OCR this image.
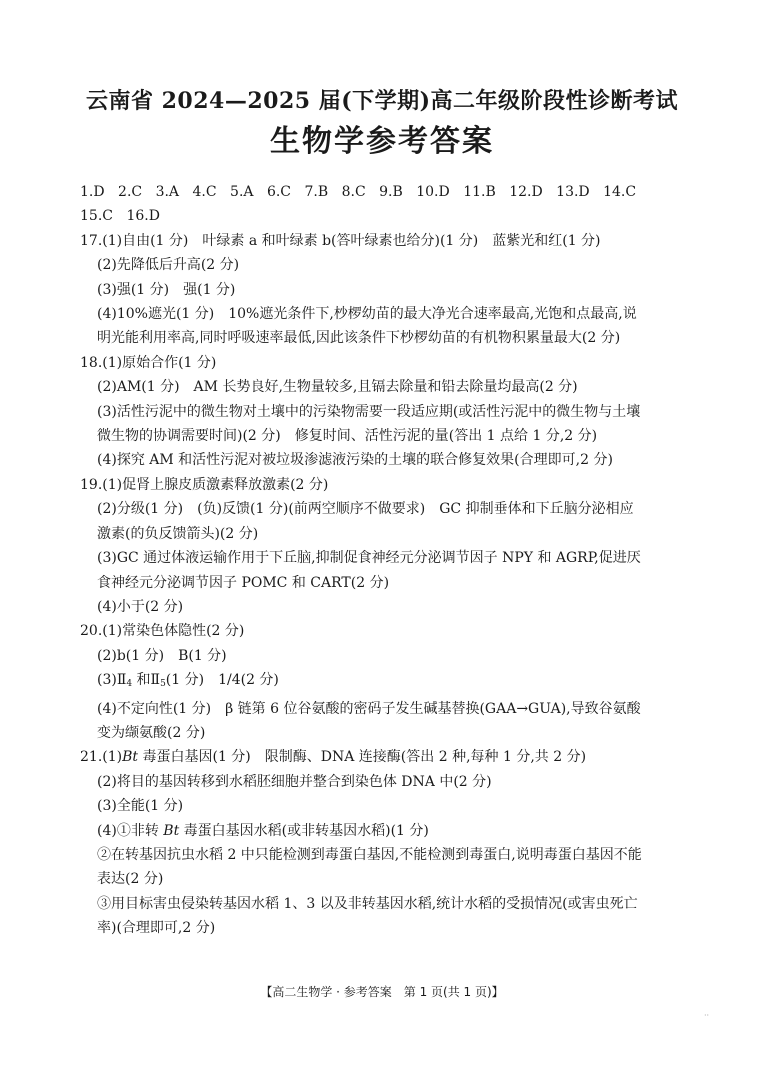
云南省 2024—2025 届(下学期)高二年级阶段性诊断考试
生物学参考答案
1.D 2.C 3.A 4.C 5.A 6.C 7.B 8.C 9.B 10.D 11.B 12.D 13.D 14.C
15.C 16.D
17.(1)自由(1 分)　叶绿素 a 和叶绿素 b(答叶绿素也给分)(1 分)　蓝紫光和红(1 分)
(2)先降低后升高(2 分)
(3)强(1 分)　强(1 分)
(4)10%遮光(1 分)　10%遮光条件下,杪椤幼苗的最大净光合速率最高,光饱和点最高,说
明光能利用率高,同时呼吸速率最低,因此该条件下杪椤幼苗的有机物积累量最大(2 分)
18.(1)原始合作(1 分)
(2)AM(1 分)　AM 长势良好,生物量较多,且镉去除量和铅去除量均最高(2 分)
(3)活性污泥中的微生物对土壤中的污染物需要一段适应期(或活性污泥中的微生物与土壤
微生物的协调需要时间)(2 分)　修复时间、活性污泥的量(答出 1 点给 1 分,2 分)
(4)探究 AM 和活性污泥对被垃圾渗滤液污染的土壤的联合修复效果(合理即可,2 分)
19.(1)促肾上腺皮质激素释放激素(2 分)
(2)分级(1 分)　(负)反馈(1 分)(前两空顺序不做要求)　GC 抑制垂体和下丘脑分泌相应
激素(的负反馈箭头)(2 分)
(3)GC 通过体液运输作用于下丘脑,抑制促食神经元分泌调节因子 NPY 和 AGRP,促进厌
食神经元分泌调节因子 POMC 和 CART(2 分)
(4)小于(2 分)
20.(1)常染色体隐性(2 分)
(2)b(1 分)　B(1 分)
$(3)Ⅱ_4$ 和$Ⅱ_5(1$ 分)　1/4(2 分)
(4)不定向性(1 分)　β 链第 6 位谷氨酸的密码子发生碱基替换(GAA→GUA),导致谷氨酸
变为缬氨酸(2 分)
21.(1)Bt 毒蛋白基因(1 分)　限制酶、DNA 连接酶(答出 2 种,每种 1 分,共 2 分)
(2)将目的基因转移到水稻胚细胞并整合到染色体 DNA 中(2 分)
(3)全能(1 分)
(4)①非转 Bt 毒蛋白基因水稻(或非转基因水稻)(1 分)
②在转基因抗虫水稻 2 中只能检测到毒蛋白基因,不能检测到毒蛋白,说明毒蛋白基因不能
表达(2 分)
③用目标害虫侵染转基因水稻 1、3 以及非转基因水稻,统计水稻的受损情况(或害虫死亡
率)(合理即可,2 分)
【高二生物学 · 参考答案　第 1 页(共 1 页)】
··
